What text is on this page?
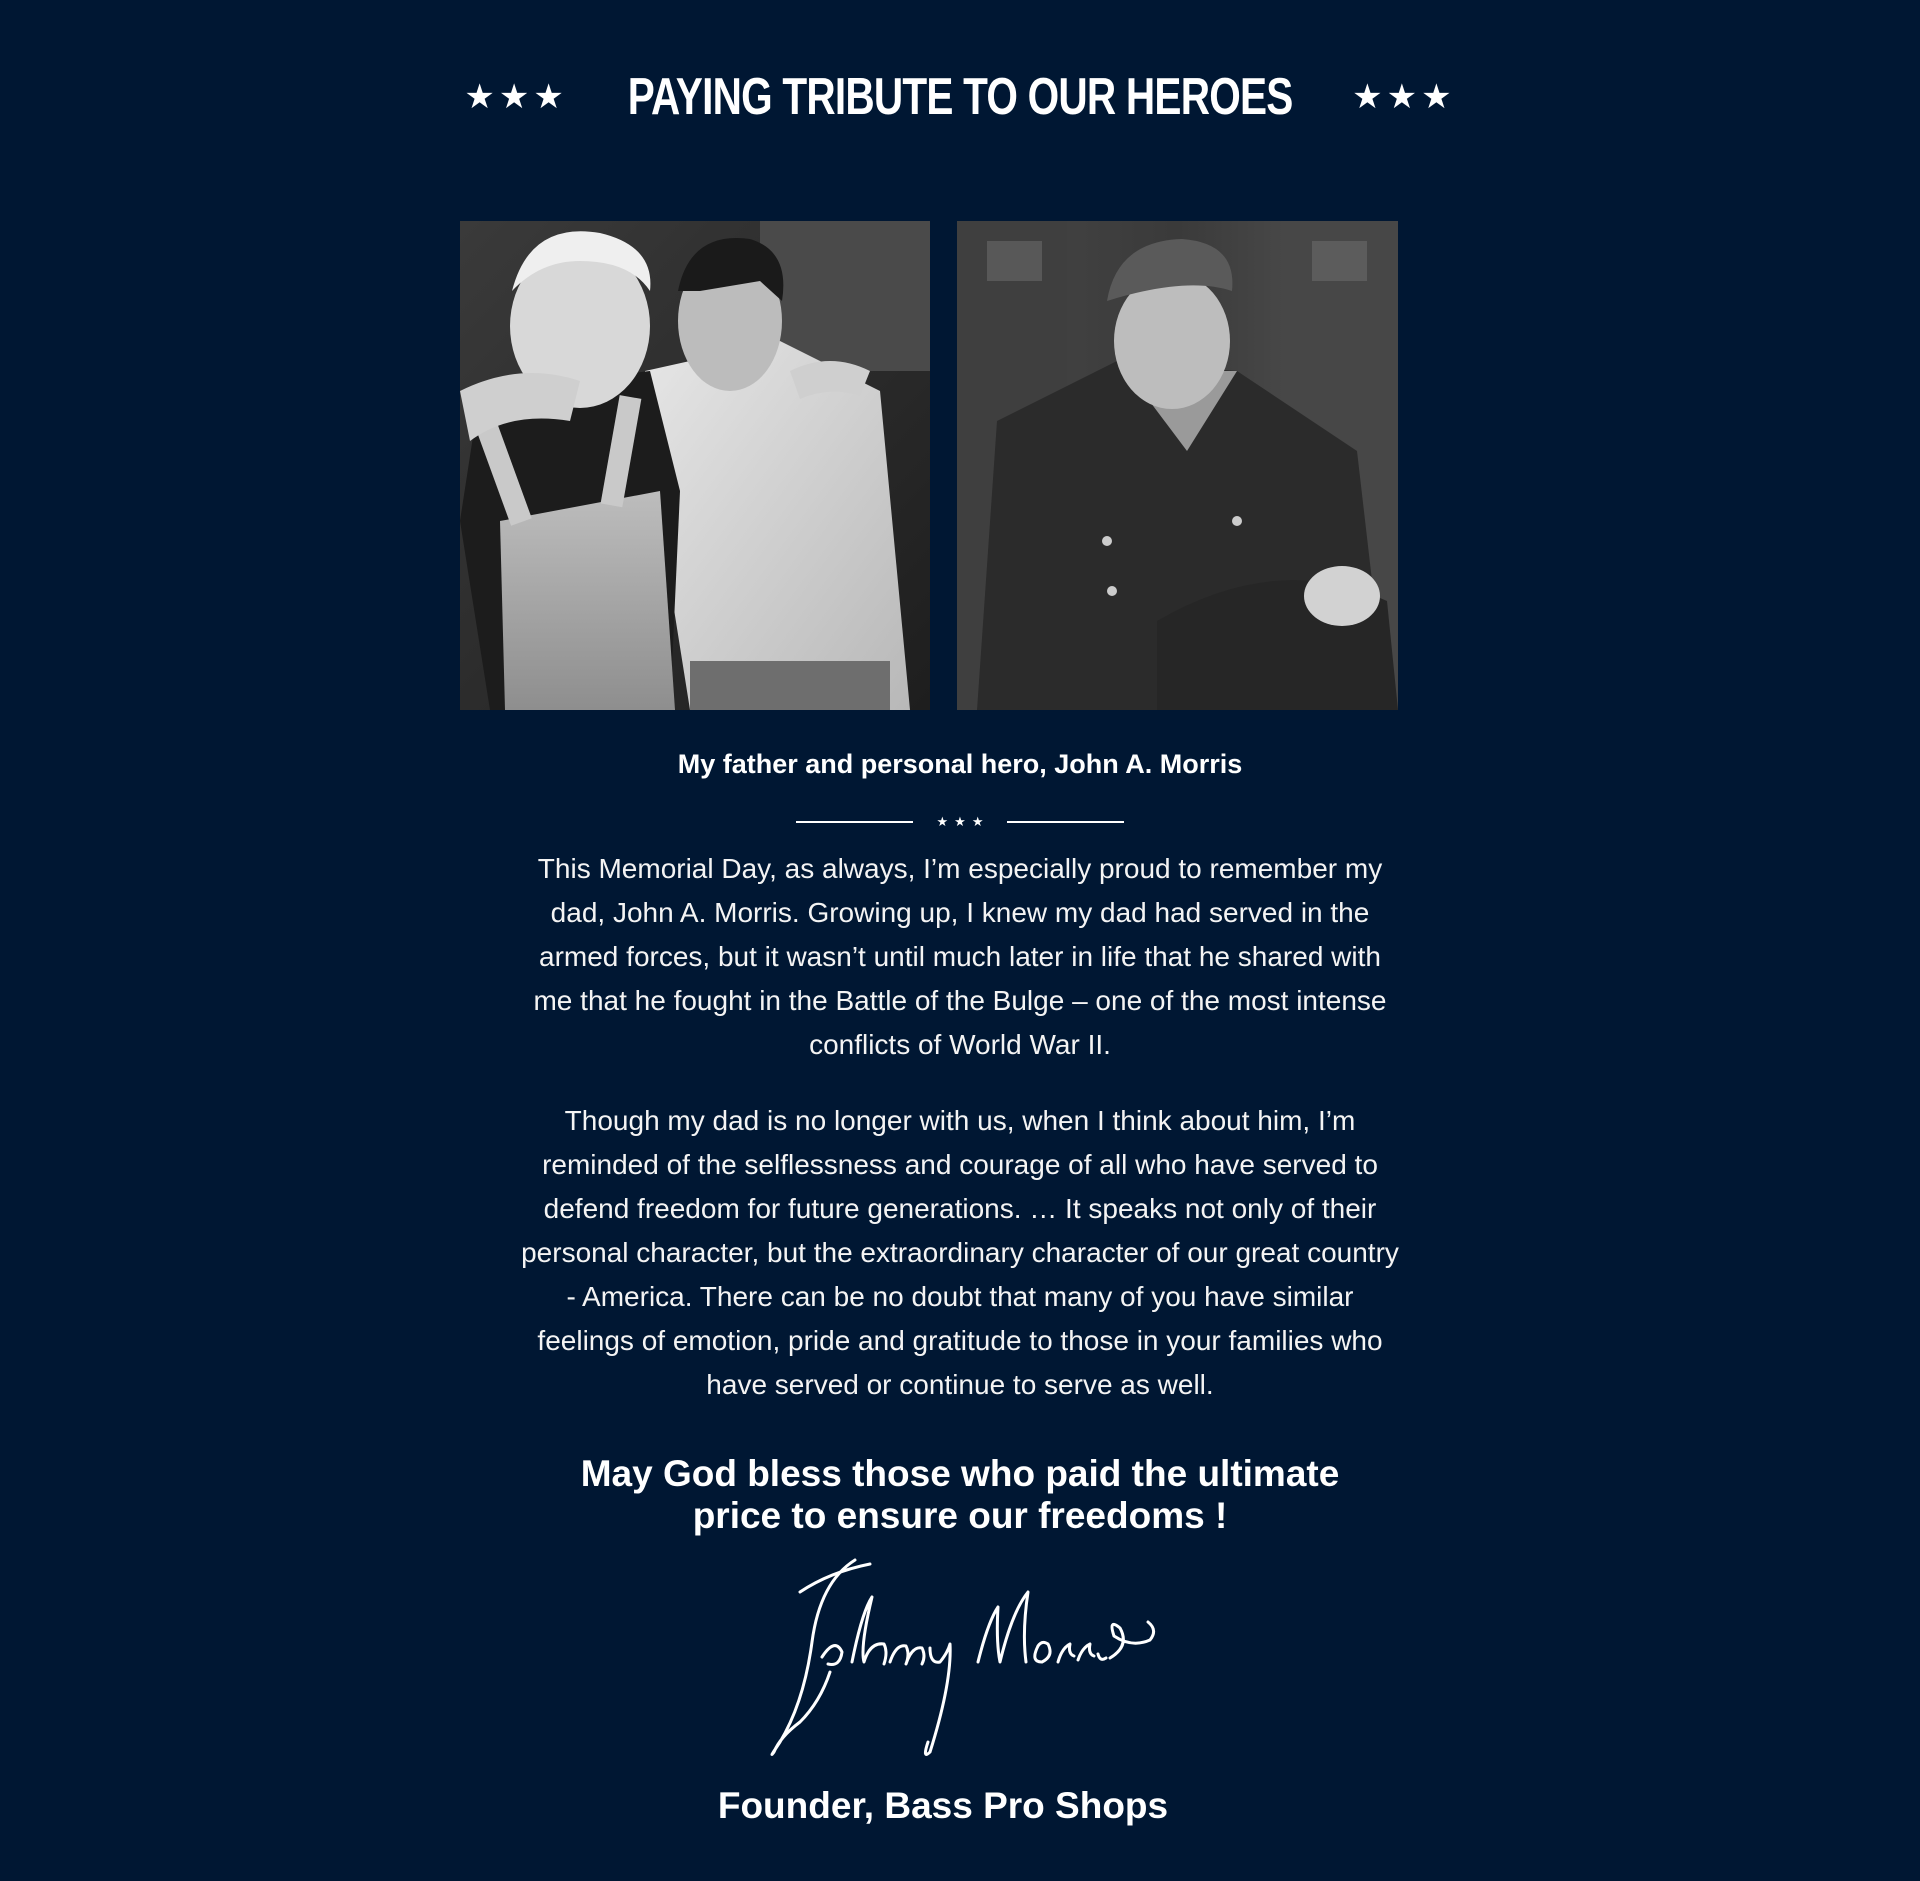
★★★ PAYING TRIBUTE TO OUR HEROES ★★★
My father and personal hero, John A. Morris
★★★

This Memorial Day, as always, I’m especially proud to remember my dad, John A. Morris. Growing up, I knew my dad had served in the armed forces, but it wasn’t until much later in life that he shared with me that he fought in the Battle of the Bulge – one of the most intense conflicts of World War II.

Though my dad is no longer with us, when I think about him, I’m reminded of the selflessness and courage of all who have served to defend freedom for future generations. … It speaks not only of their personal character, but the extraordinary character of our great country - America. There can be no doubt that many of you have similar feelings of emotion, pride and gratitude to those in your families who have served or continue to serve as well.

May God bless those who paid the ultimate price to ensure our freedoms !
Founder, Bass Pro Shops
